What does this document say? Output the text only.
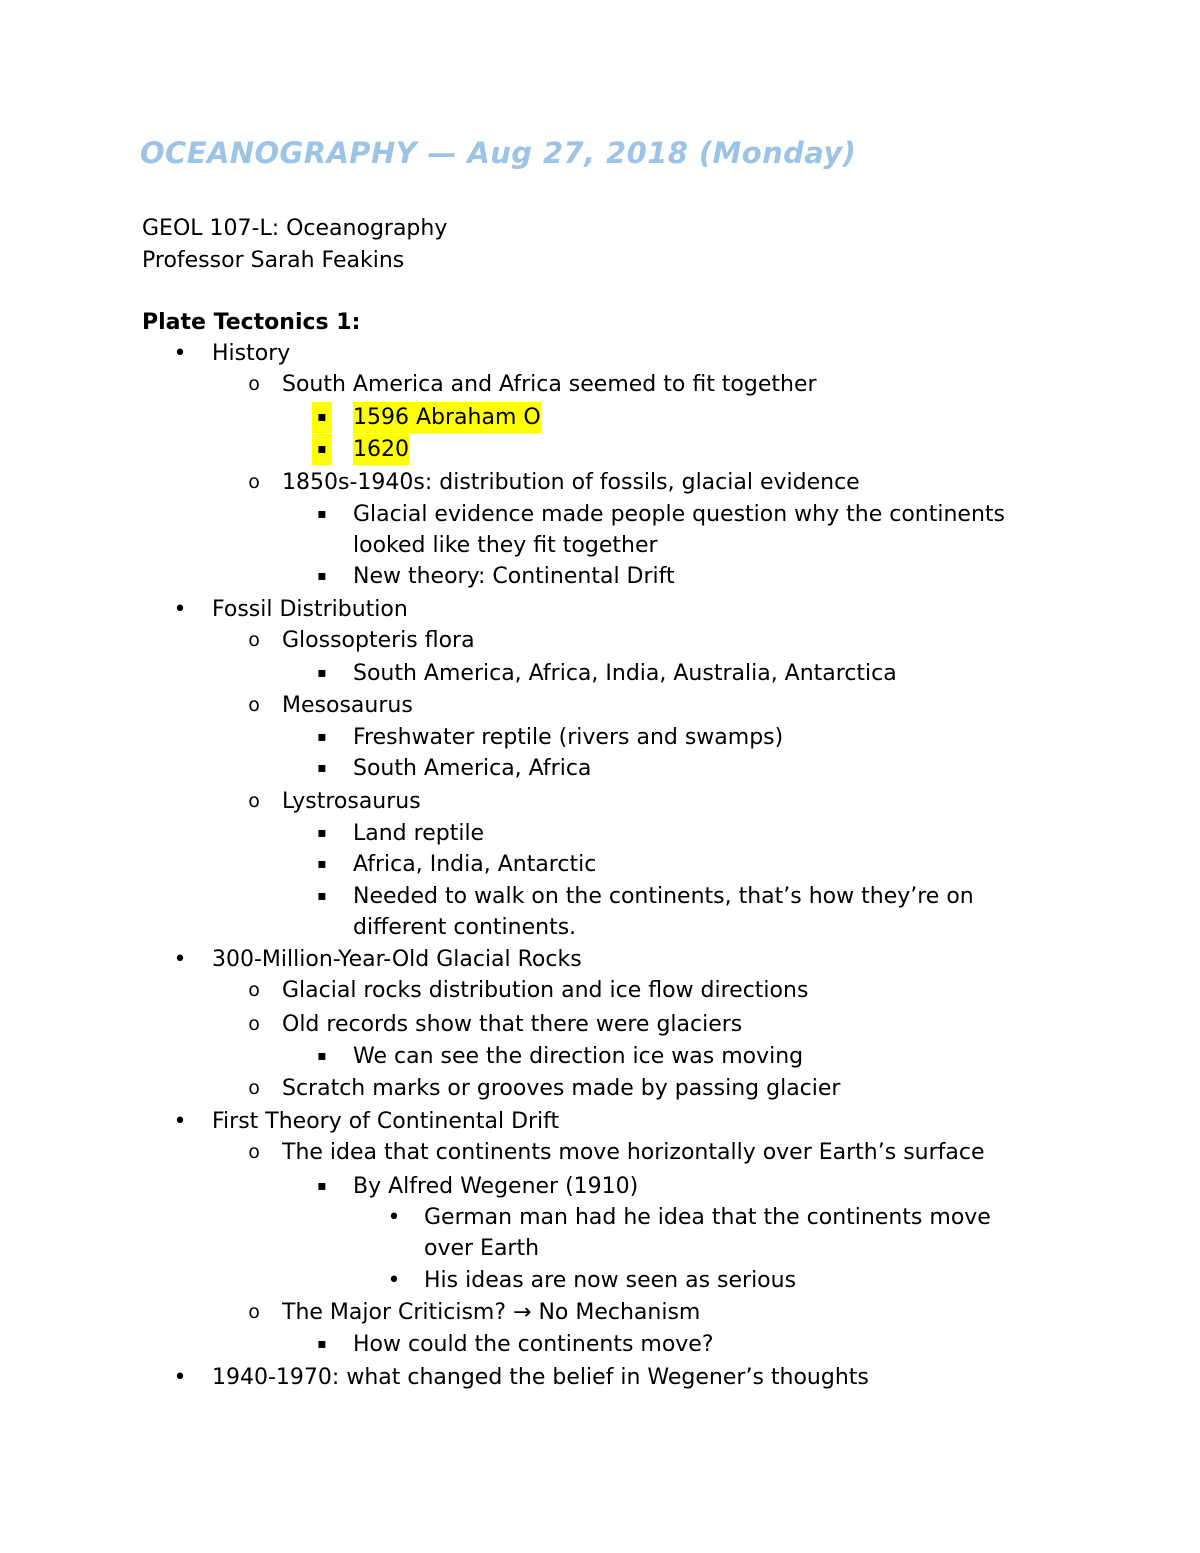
OCEANOGRAPHY — Aug 27, 2018 (Monday)
GEOL 107-L: Oceanography
Professor Sarah Feakins
Plate Tectonics 1:
• History
o South America and Africa seemed to fit together
▪ 1596 Abraham O
▪ 1620
o 1850s-1940s: distribution of fossils, glacial evidence
▪ Glacial evidence made people question why the continents
looked like they fit together
▪ New theory: Continental Drift
• Fossil Distribution
o Glossopteris flora
▪ South America, Africa, India, Australia, Antarctica
o Mesosaurus
▪ Freshwater reptile (rivers and swamps)
▪ South America, Africa
o Lystrosaurus
▪ Land reptile
▪ Africa, India, Antarctic
▪ Needed to walk on the continents, that’s how they’re on
different continents.
• 300-Million-Year-Old Glacial Rocks
o Glacial rocks distribution and ice flow directions
o Old records show that there were glaciers
▪ We can see the direction ice was moving
o Scratch marks or grooves made by passing glacier
• First Theory of Continental Drift
o The idea that continents move horizontally over Earth’s surface
▪ By Alfred Wegener (1910)
• German man had he idea that the continents move
over Earth
• His ideas are now seen as serious
o The Major Criticism? → No Mechanism
▪ How could the continents move?
• 1940-1970: what changed the belief in Wegener’s thoughts
